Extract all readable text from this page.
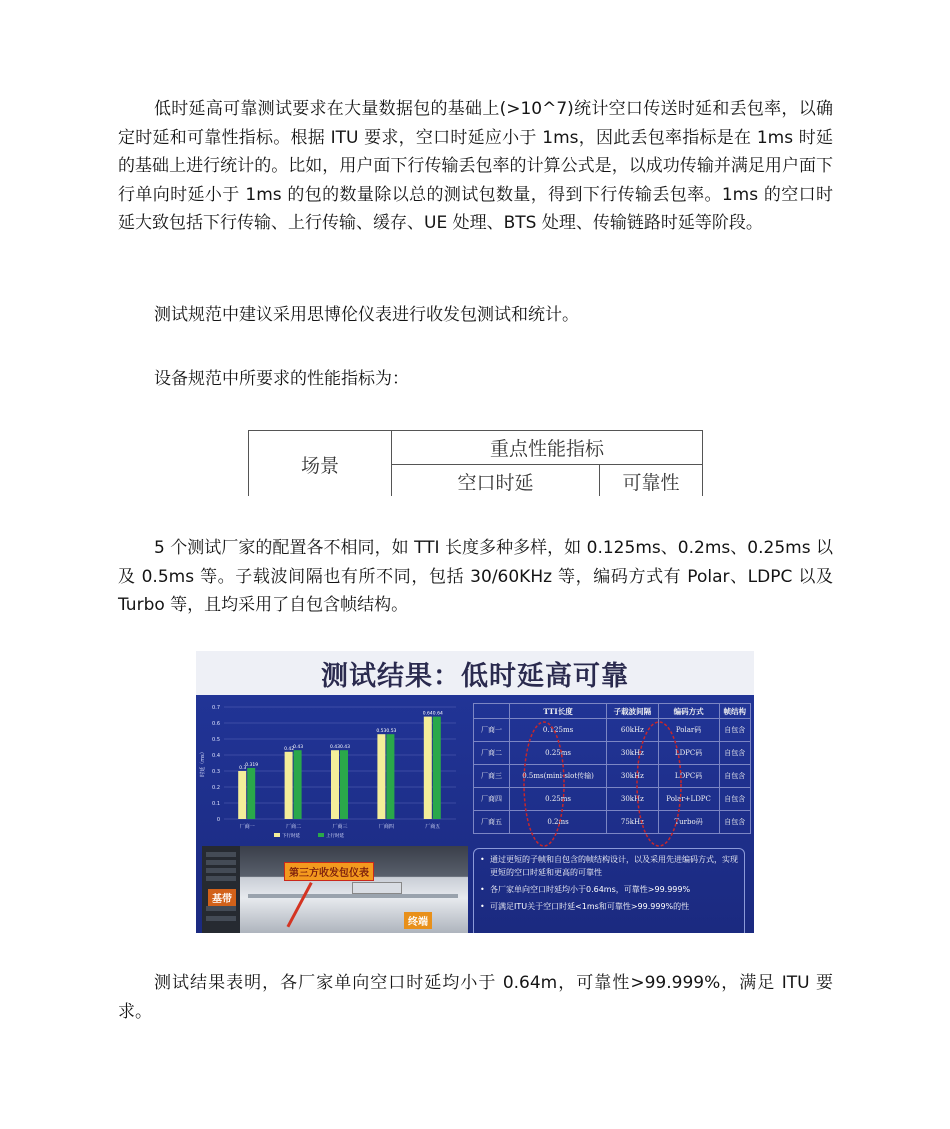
低时延高可靠测试要求在大量数据包的基础上(>10^7)统计空口传送时延和丢包率，以确定时延和可靠性指标。根据 ITU 要求，空口时延应小于 1ms，因此丢包率指标是在 1ms 时延的基础上进行统计的。比如，用户面下行传输丢包率的计算公式是，以成功传输并满足用户面下行单向时延小于 1ms 的包的数量除以总的测试包数量，得到下行传输丢包率。1ms 的空口时延大致包括下行传输、上行传输、缓存、UE 处理、BTS 处理、传输链路时延等阶段。

测试规范中建议采用思博伦仪表进行收发包测试和统计。

设备规范中所要求的性能指标为：

场景	重点性能指标	
	空口时延	可靠性

5 个测试厂家的配置各不相同，如 TTI 长度多种多样，如 0.125ms、0.2ms、0.25ms 以及 0.5ms 等。子载波间隔也有所不同，包括 30/60KHz 等，编码方式有 Polar、LDPC 以及 Turbo 等，且均采用了自包含帧结构。

测试结果：低时延高可靠
0
0.1
0.2
0.3
0.4
0.5
0.6
0.7
时延（ms）
厂商一	厂商二	厂商三	厂商四	厂商五
0.3
0.319
0.42
0.43	0.430.43
0.530.53
0.640.64
下行时延	上行时延
	TTI长度	子载波间隔	编码方式	帧结构
厂商一	0.125ms	60kHz	Polar码	自包含
厂商二	0.25ms	30kHz	LDPC码	自包含
厂商三	0.5ms(mini-slot传输)	30kHz	LDPC码	自包含
厂商四	0.25ms	30kHz	Polar+LDPC	自包含
厂商五	0.2ms	75kHz	Turbo码	自包含
基带
第三方收发包仪表
终端
• 通过更短的子帧和自包含的帧结构设计，以及采用先进编码方式，实现更短的空口时延和更高的可靠性
• 各厂家单向空口时延均小于0.64ms，可靠性>99.999%
• 可满足ITU关于空口时延<1ms和可靠性>99.999%的性

测试结果表明，各厂家单向空口时延均小于 0.64m，可靠性>99.999%，满足 ITU 要求。
